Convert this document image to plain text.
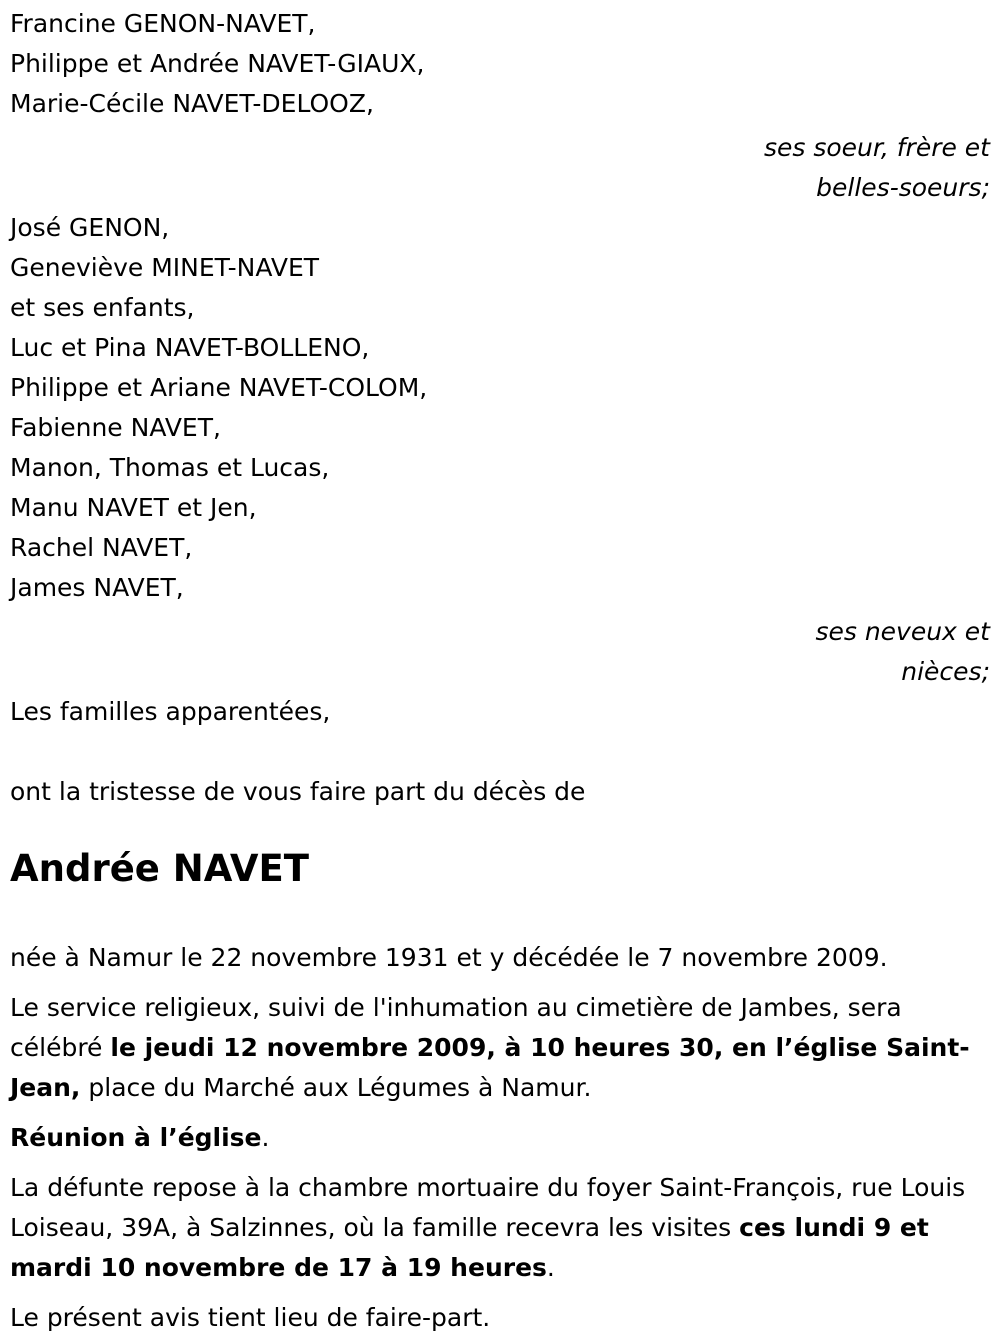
Francine GENON-NAVET,
Philippe et Andrée NAVET-GIAUX,
Marie-Cécile NAVET-DELOOZ,
ses soeur, frère et
belles-soeurs;
José GENON,
Geneviève MINET-NAVET
et ses enfants,
Luc et Pina NAVET-BOLLENO,
Philippe et Ariane NAVET-COLOM,
Fabienne NAVET,
Manon, Thomas et Lucas,
Manu NAVET et Jen,
Rachel NAVET,
James NAVET,
ses neveux et
nièces;
Les familles apparentées,
ont la tristesse de vous faire part du décès de
Andrée NAVET

née à Namur le 22 novembre 1931 et y décédée le 7 novembre 2009.

Le service religieux, suivi de l'inhumation au cimetière de Jambes, sera célébré le jeudi 12 novembre 2009, à 10 heures 30, en l’église Saint-Jean, place du Marché aux Légumes à Namur.

Réunion à l’église.

La défunte repose à la chambre mortuaire du foyer Saint-François, rue Louis Loiseau, 39A, à Salzinnes, où la famille recevra les visites ces lundi 9 et mardi 10 novembre de 17 à 19 heures.

Le présent avis tient lieu de faire-part.
